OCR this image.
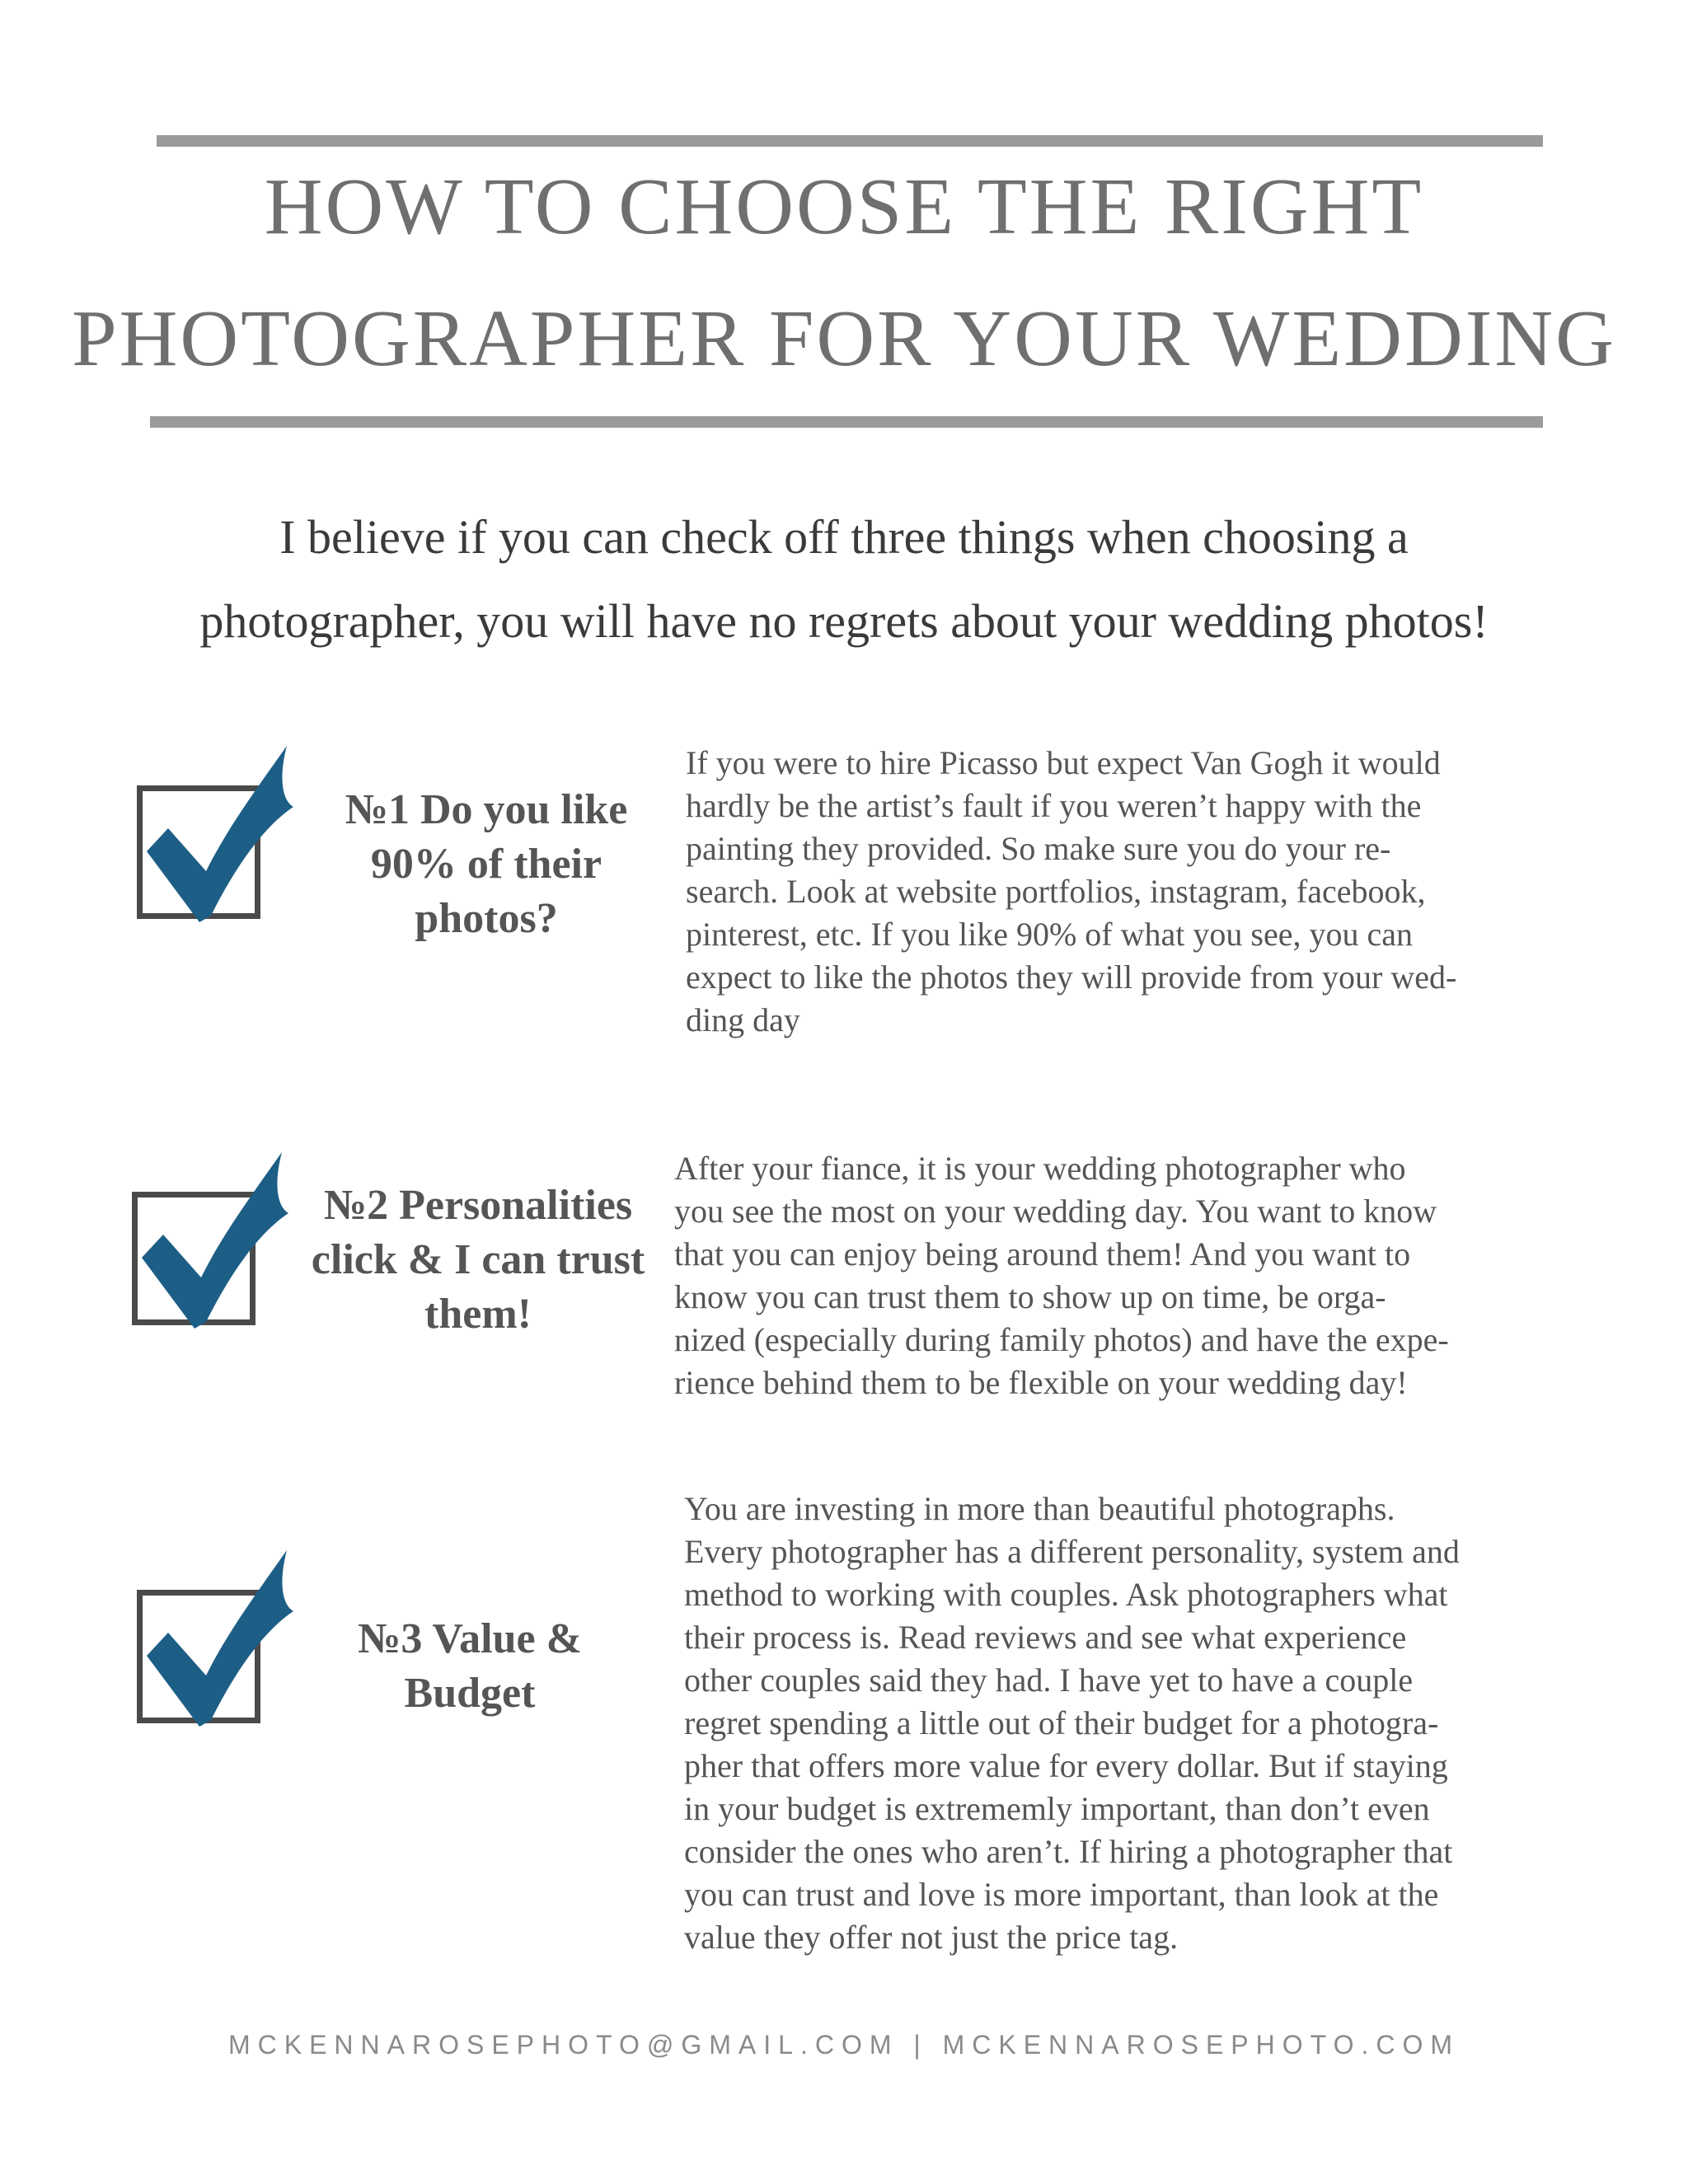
HOW TO CHOOSE THE RIGHT
PHOTOGRAPHER FOR YOUR WEDDING
I believe if you can check off three things when choosing a
photographer, you will have no regrets about your wedding photos!
№1 Do you like 90% of their photos?
If you were to hire Picasso but expect Van Gogh it would
hardly be the artist’s fault if you weren’t happy with the
painting they provided. So make sure you do your re-
search. Look at website portfolios, instagram, facebook,
pinterest, etc. If you like 90% of what you see, you can
expect to like the photos they will provide from your wed-
ding day
№2 Personalities click & I can trust them!
After your fiance, it is your wedding photographer who
you see the most on your wedding day. You want to know
that you can enjoy being around them! And you want to
know you can trust them to show up on time, be orga-
nized (especially during family photos) and have the expe-
rience behind them to be flexible on your wedding day!
№3 Value & Budget
You are investing in more than beautiful photographs.
Every photographer has a different personality, system and
method to working with couples. Ask photographers what
their process is. Read reviews and see what experience
other couples said they had. I have yet to have a couple
regret spending a little out of their budget for a photogra-
pher that offers more value for every dollar. But if staying
in your budget is extrememly important, than don’t even
consider the ones who aren’t. If hiring a photographer that
you can trust and love is more important, than look at the
value they offer not just the price tag.
MCKENNAROSEPHOTO@GMAIL.COM | MCKENNAROSEPHOTO.COM
